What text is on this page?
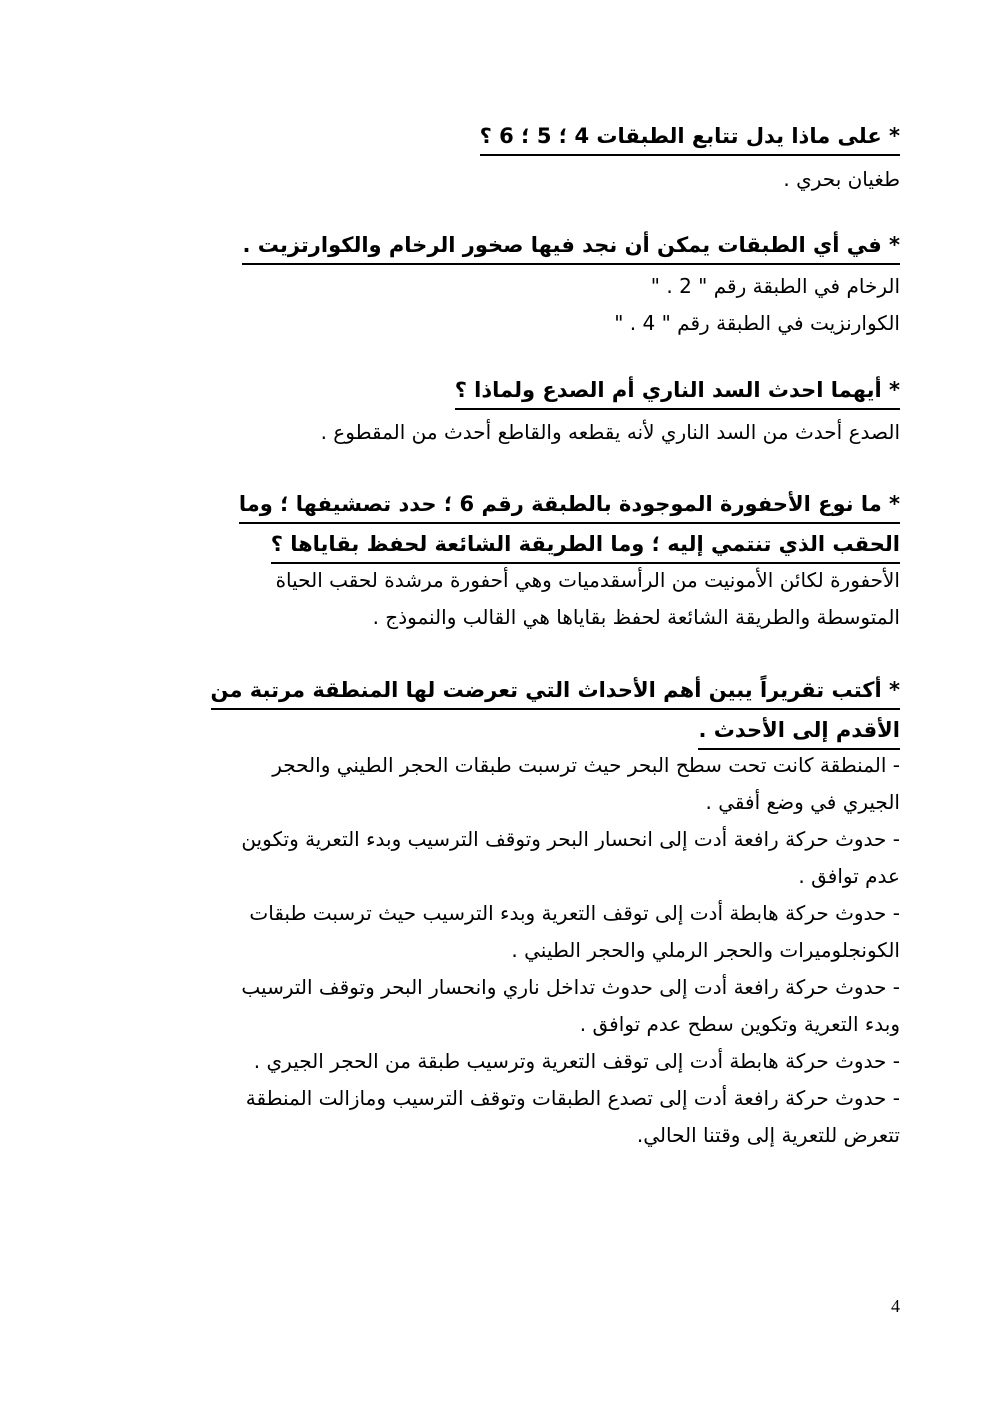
* على ماذا يدل تتابع الطبقات 4 ؛ 5 ؛ 6 ؟
طغيان بحري .
* في أي الطبقات يمكن أن نجد فيها صخور الرخام والكوارتزيت .
الرخام في الطبقة رقم " 2 . "
الكوارنزيت في الطبقة رقم " 4 . "
* أيهما احدث السد الناري أم الصدع ولماذا ؟
الصدع أحدث من السد الناري لأنه يقطعه والقاطع أحدث من المقطوع .
* ما نوع الأحفورة الموجودة بالطبقة رقم 6 ؛ حدد تصشيفها ؛ وما
الحقب الذي تنتمي إليه ؛ وما الطريقة الشائعة لحفظ بقاياها ؟
الأحفورة لكائن الأمونيت من الرأسقدميات وهي أحفورة مرشدة لحقب الحياة
المتوسطة والطريقة الشائعة لحفظ بقاياها هي القالب والنموذج .
* أكتب تقريراً يبين أهم الأحداث التي تعرضت لها المنطقة مرتبة من
الأقدم إلى الأحدث .
- المنطقة كانت تحت سطح البحر حيث ترسبت طبقات الحجر الطيني والحجر
الجيري في وضع أفقي .
- حدوث حركة رافعة أدت إلى انحسار البحر وتوقف الترسيب وبدء التعرية وتكوين
عدم توافق .
- حدوث حركة هابطة أدت إلى توقف التعرية وبدء الترسيب حيث ترسبت طبقات
الكونجلوميرات والحجر الرملي والحجر الطيني .
- حدوث حركة رافعة أدت إلى حدوث تداخل ناري وانحسار البحر وتوقف الترسيب
وبدء التعرية وتكوين سطح عدم توافق .
- حدوث حركة هابطة أدت إلى توقف التعرية وترسيب طبقة من الحجر الجيري .
- حدوث حركة رافعة أدت إلى تصدع الطبقات وتوقف الترسيب ومازالت المنطقة
تتعرض للتعرية إلى وقتنا الحالي.
4
